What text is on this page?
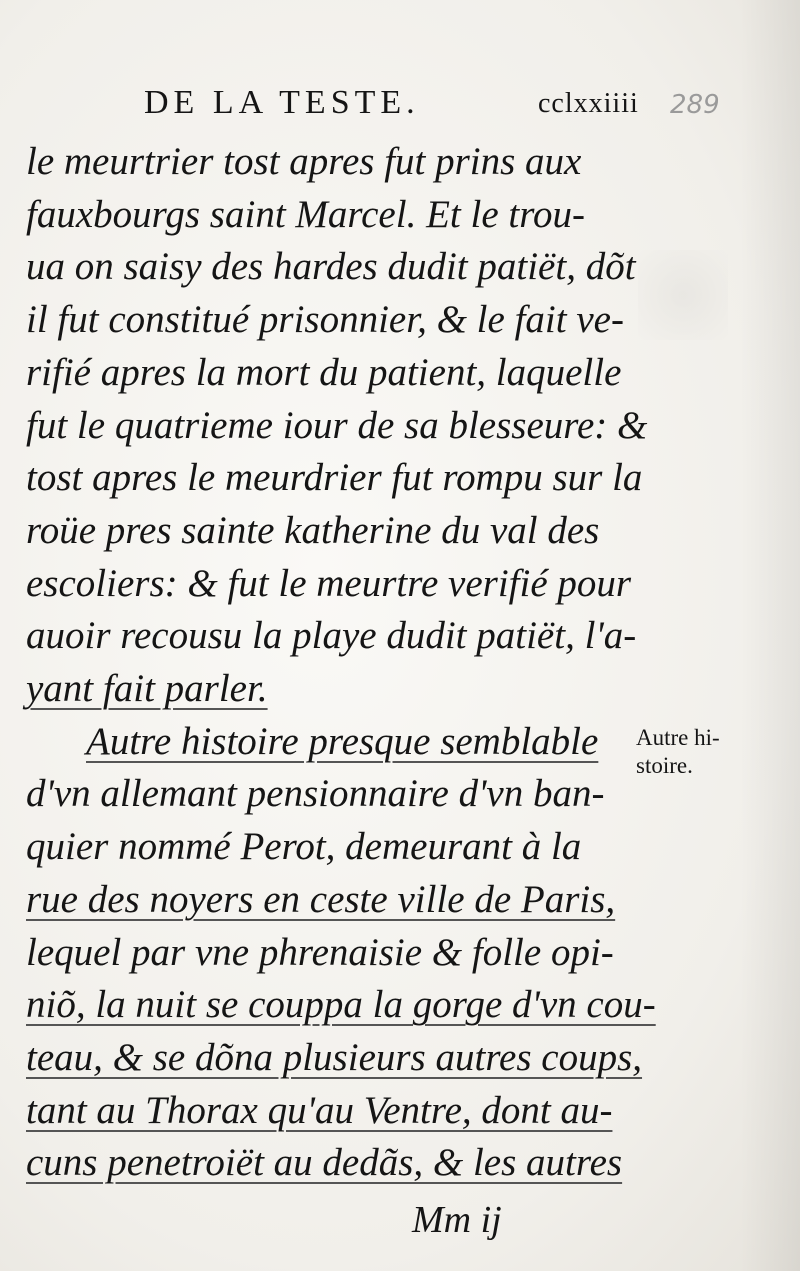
DE LA TESTE.	cclxxiiii 289
le meurtrier tost apres fut prins aux
fauxbourgs saint Marcel. Et le trou-
ua on saisy des hardes dudit patiët, dõt
il fut constitué prisonnier, & le fait ve-
rifié apres la mort du patient, laquelle
fut le quatrieme iour de sa blesseure: &
tost apres le meurdrier fut rompu sur la
roüe pres sainte katherine du val des
escoliers: & fut le meurtre verifié pour
auoir recousu la playe dudit patiët, l'a-
yant fait parler.
Autre histoire presque semblable
d'vn allemant pensionnaire d'vn ban-
quier nommé Perot, demeurant à la
rue des noyers en ceste ville de Paris,
lequel par vne phrenaisie & folle opi-
niõ, la nuit se couppa la gorge d'vn cou-
teau, & se dõna plusieurs autres coups,
tant au Thorax qu'au Ventre, dont au-
cuns penetroiët au dedãs, & les autres
Autre hi-
stoire.
Mm ij
